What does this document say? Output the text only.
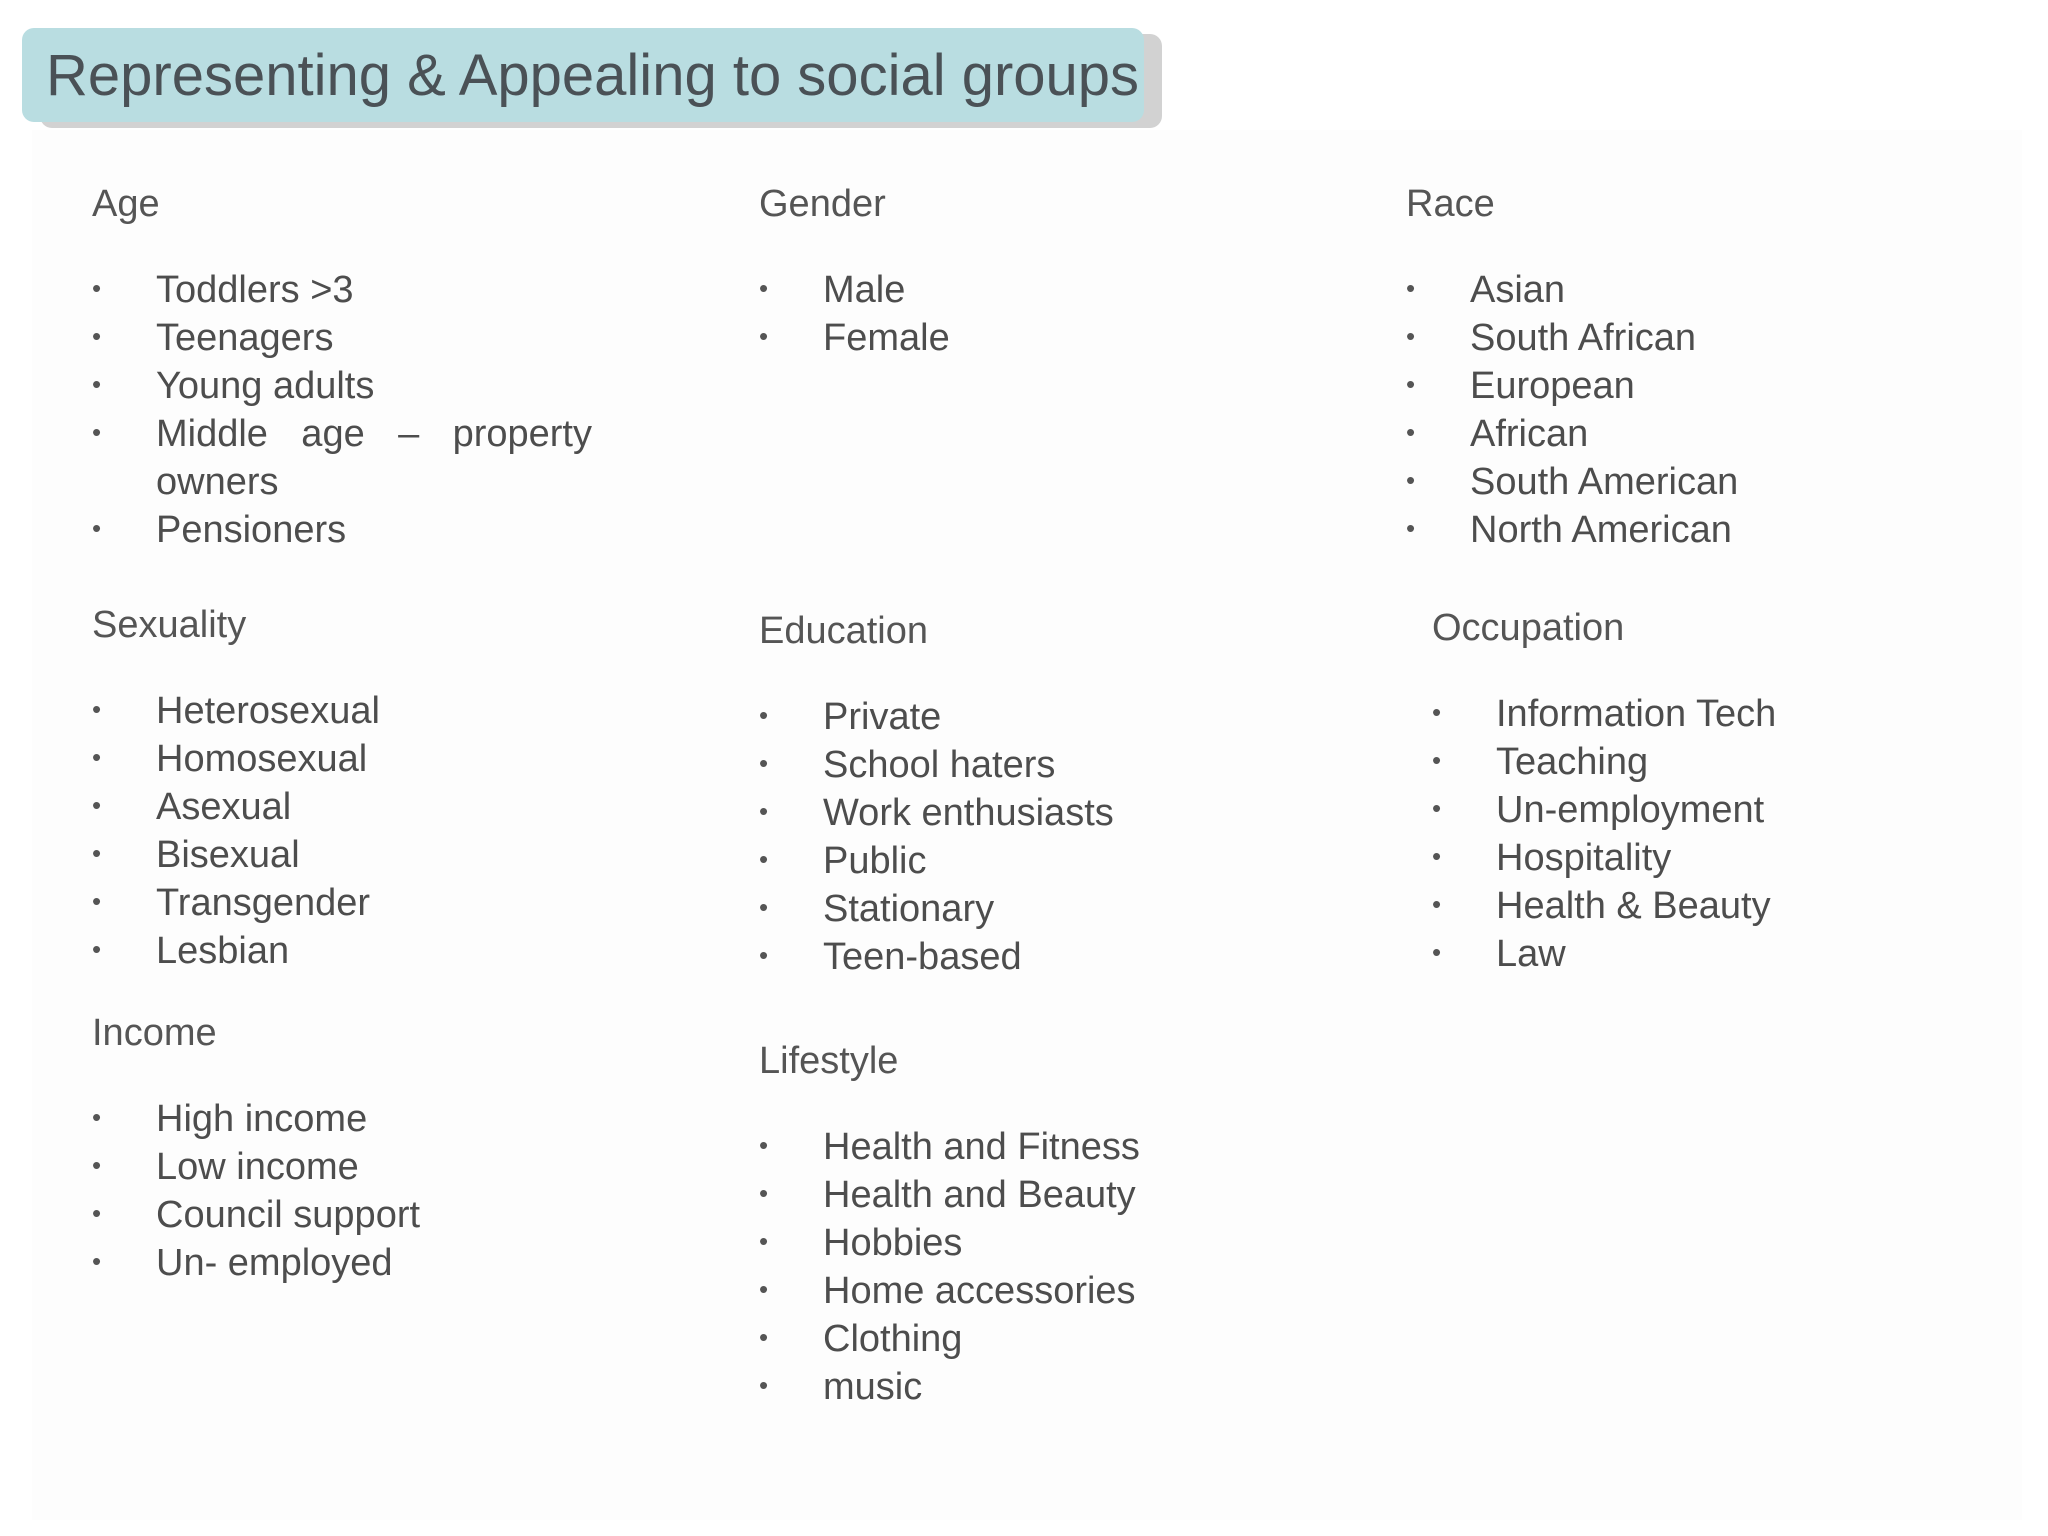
Representing & Appealing to social groups
Age
• Toddlers >3
• Teenagers
• Young adults
• Middle age – property owners
• Pensioners
Gender
• Male
• Female
Race
• Asian
• South African
• European
• African
• South American
• North American
Sexuality
• Heterosexual
• Homosexual
• Asexual
• Bisexual
• Transgender
• Lesbian
Education
• Private
• School haters
• Work enthusiasts
• Public
• Stationary
• Teen-based
Occupation
• Information Tech
• Teaching
• Un-employment
• Hospitality
• Health & Beauty
• Law
Income
• High income
• Low income
• Council support
• Un- employed
Lifestyle
• Health and Fitness
• Health and Beauty
• Hobbies
• Home accessories
• Clothing
• music
